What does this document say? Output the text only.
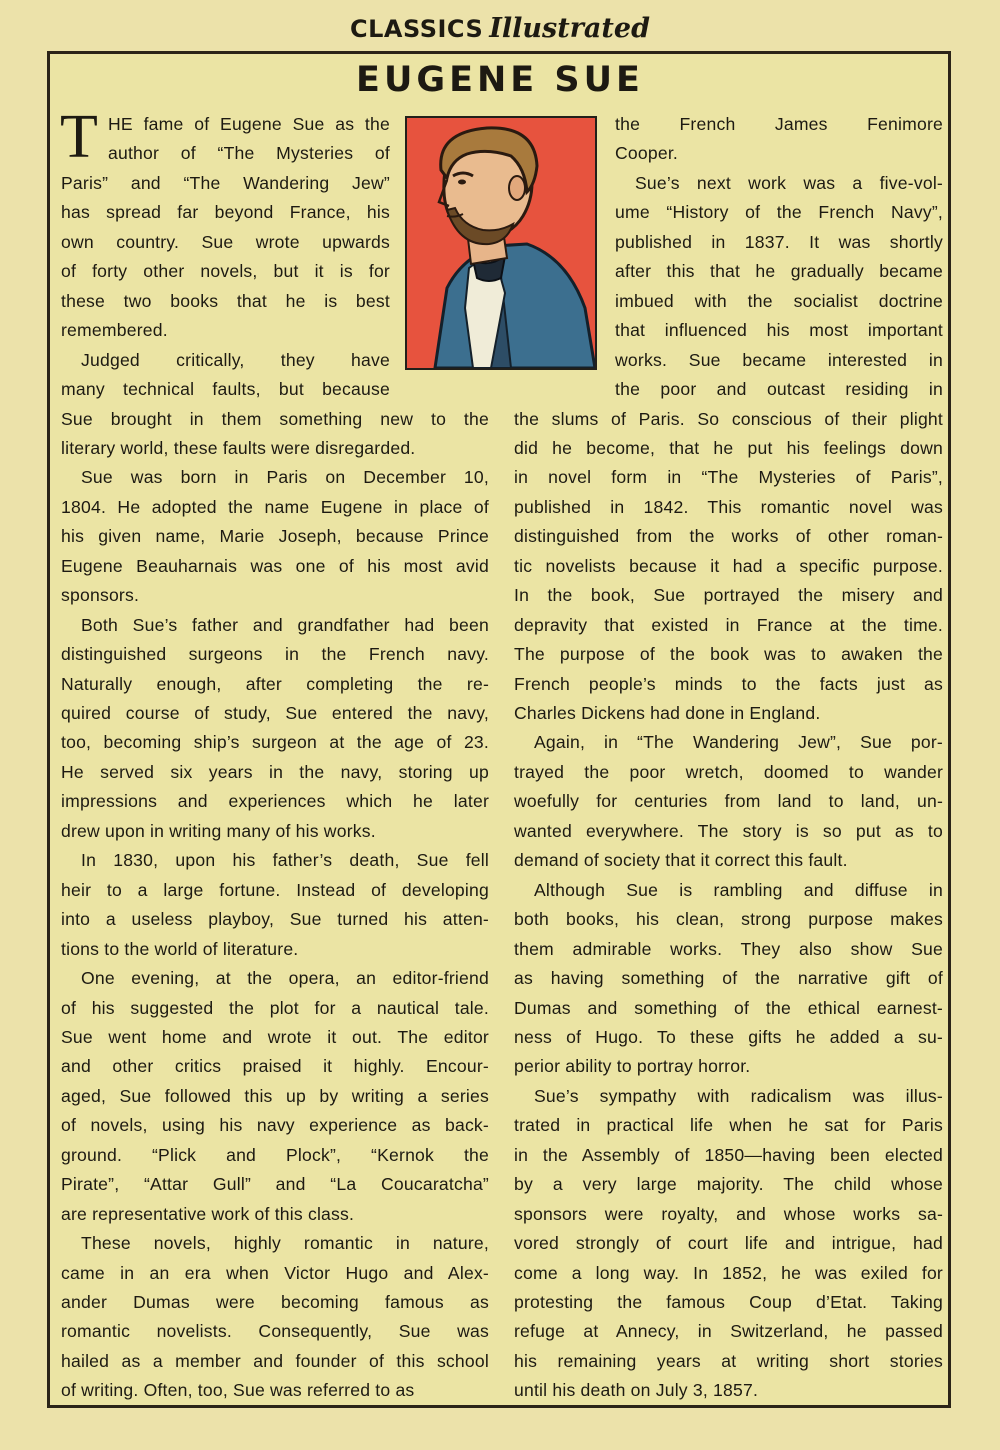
CLASSICS Illustrated
EUGENE SUE
T HE fame of Eugene Sue as the
author of “The Mysteries of
Paris” and “The Wandering Jew”
has spread far beyond France, his
own country. Sue wrote upwards
of forty other novels, but it is for
these two books that he is best
remembered.
Judged critically, they have
many technical faults, but because
Sue brought in them something new to the
literary world, these faults were disregarded.
Sue was born in Paris on December 10,
1804. He adopted the name Eugene in place of
his given name, Marie Joseph, because Prince
Eugene Beauharnais was one of his most avid
sponsors.
Both Sue’s father and grandfather had been
distinguished surgeons in the French navy.
Naturally enough, after completing the re-
quired course of study, Sue entered the navy,
too, becoming ship’s surgeon at the age of 23.
He served six years in the navy, storing up
impressions and experiences which he later
drew upon in writing many of his works.
In 1830, upon his father’s death, Sue fell
heir to a large fortune. Instead of developing
into a useless playboy, Sue turned his atten-
tions to the world of literature.
One evening, at the opera, an editor-friend
of his suggested the plot for a nautical tale.
Sue went home and wrote it out. The editor
and other critics praised it highly. Encour-
aged, Sue followed this up by writing a series
of novels, using his navy experience as back-
ground. “Plick and Plock”, “Kernok the
Pirate”, “Attar Gull” and “La Coucaratcha”
are representative work of this class.
These novels, highly romantic in nature,
came in an era when Victor Hugo and Alex-
ander Dumas were becoming famous as
romantic novelists. Consequently, Sue was
hailed as a member and founder of this school
of writing. Often, too, Sue was referred to as
the French James Fenimore
Cooper.
Sue’s next work was a five-vol-
ume “History of the French Navy”,
published in 1837. It was shortly
after this that he gradually became
imbued with the socialist doctrine
that influenced his most important
works. Sue became interested in
the poor and outcast residing in
the slums of Paris. So conscious of their plight
did he become, that he put his feelings down
in novel form in “The Mysteries of Paris”,
published in 1842. This romantic novel was
distinguished from the works of other roman-
tic novelists because it had a specific purpose.
In the book, Sue portrayed the misery and
depravity that existed in France at the time.
The purpose of the book was to awaken the
French people’s minds to the facts just as
Charles Dickens had done in England.
Again, in “The Wandering Jew”, Sue por-
trayed the poor wretch, doomed to wander
woefully for centuries from land to land, un-
wanted everywhere. The story is so put as to
demand of society that it correct this fault.
Although Sue is rambling and diffuse in
both books, his clean, strong purpose makes
them admirable works. They also show Sue
as having something of the narrative gift of
Dumas and something of the ethical earnest-
ness of Hugo. To these gifts he added a su-
perior ability to portray horror.
Sue’s sympathy with radicalism was illus-
trated in practical life when he sat for Paris
in the Assembly of 1850—having been elected
by a very large majority. The child whose
sponsors were royalty, and whose works sa-
vored strongly of court life and intrigue, had
come a long way. In 1852, he was exiled for
protesting the famous Coup d’Etat. Taking
refuge at Annecy, in Switzerland, he passed
his remaining years at writing short stories
until his death on July 3, 1857.
